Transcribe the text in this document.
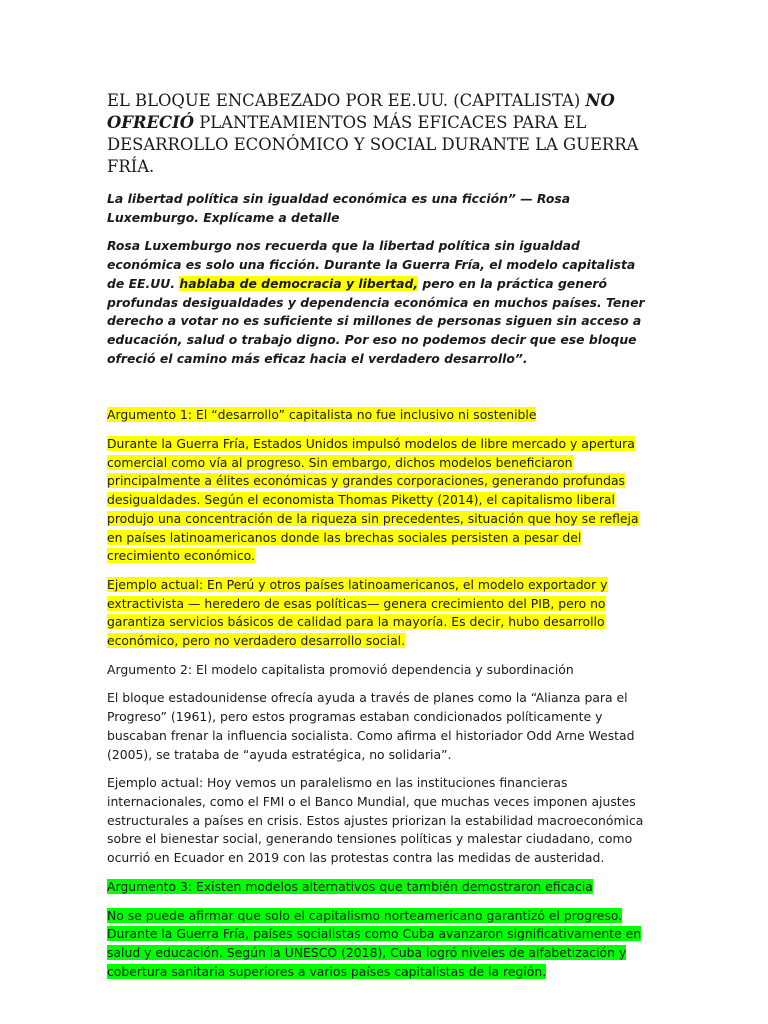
EL BLOQUE ENCABEZADO POR EE.UU. (CAPITALISTA) NO OFRECIÓ PLANTEAMIENTOS MÁS EFICACES PARA EL DESARROLLO ECONÓMICO Y SOCIAL DURANTE LA GUERRA FRÍA.

La libertad política sin igualdad económica es una ficción” — Rosa Luxemburgo. Explícame a detalle

Rosa Luxemburgo nos recuerda que la libertad política sin igualdad económica es solo una ficción. Durante la Guerra Fría, el modelo capitalista de EE.UU. hablaba de democracia y libertad, pero en la práctica generó profundas desigualdades y dependencia económica en muchos países. Tener derecho a votar no es suficiente si millones de personas siguen sin acceso a educación, salud o trabajo digno. Por eso no podemos decir que ese bloque ofreció el camino más eficaz hacia el verdadero desarrollo”.

Argumento 1: El “desarrollo” capitalista no fue inclusivo ni sostenible

Durante la Guerra Fría, Estados Unidos impulsó modelos de libre mercado y apertura comercial como vía al progreso. Sin embargo, dichos modelos beneficiaron principalmente a élites económicas y grandes corporaciones, generando profundas desigualdades. Según el economista Thomas Piketty (2014), el capitalismo liberal produjo una concentración de la riqueza sin precedentes, situación que hoy se refleja en países latinoamericanos donde las brechas sociales persisten a pesar del crecimiento económico.

Ejemplo actual: En Perú y otros países latinoamericanos, el modelo exportador y extractivista — heredero de esas políticas— genera crecimiento del PIB, pero no garantiza servicios básicos de calidad para la mayoría. Es decir, hubo desarrollo económico, pero no verdadero desarrollo social.

Argumento 2: El modelo capitalista promovió dependencia y subordinación

El bloque estadounidense ofrecía ayuda a través de planes como la “Alianza para el Progreso” (1961), pero estos programas estaban condicionados políticamente y buscaban frenar la influencia socialista. Como afirma el historiador Odd Arne Westad (2005), se trataba de “ayuda estratégica, no solidaria”.

Ejemplo actual: Hoy vemos un paralelismo en las instituciones financieras internacionales, como el FMI o el Banco Mundial, que muchas veces imponen ajustes estructurales a países en crisis. Estos ajustes priorizan la estabilidad macroeconómica sobre el bienestar social, generando tensiones políticas y malestar ciudadano, como ocurrió en Ecuador en 2019 con las protestas contra las medidas de austeridad.

Argumento 3: Existen modelos alternativos que también demostraron eficacia

No se puede afirmar que solo el capitalismo norteamericano garantizó el progreso. Durante la Guerra Fría, países socialistas como Cuba avanzaron significativamente en salud y educación. Según la UNESCO (2018), Cuba logró niveles de alfabetización y cobertura sanitaria superiores a varios países capitalistas de la región.
